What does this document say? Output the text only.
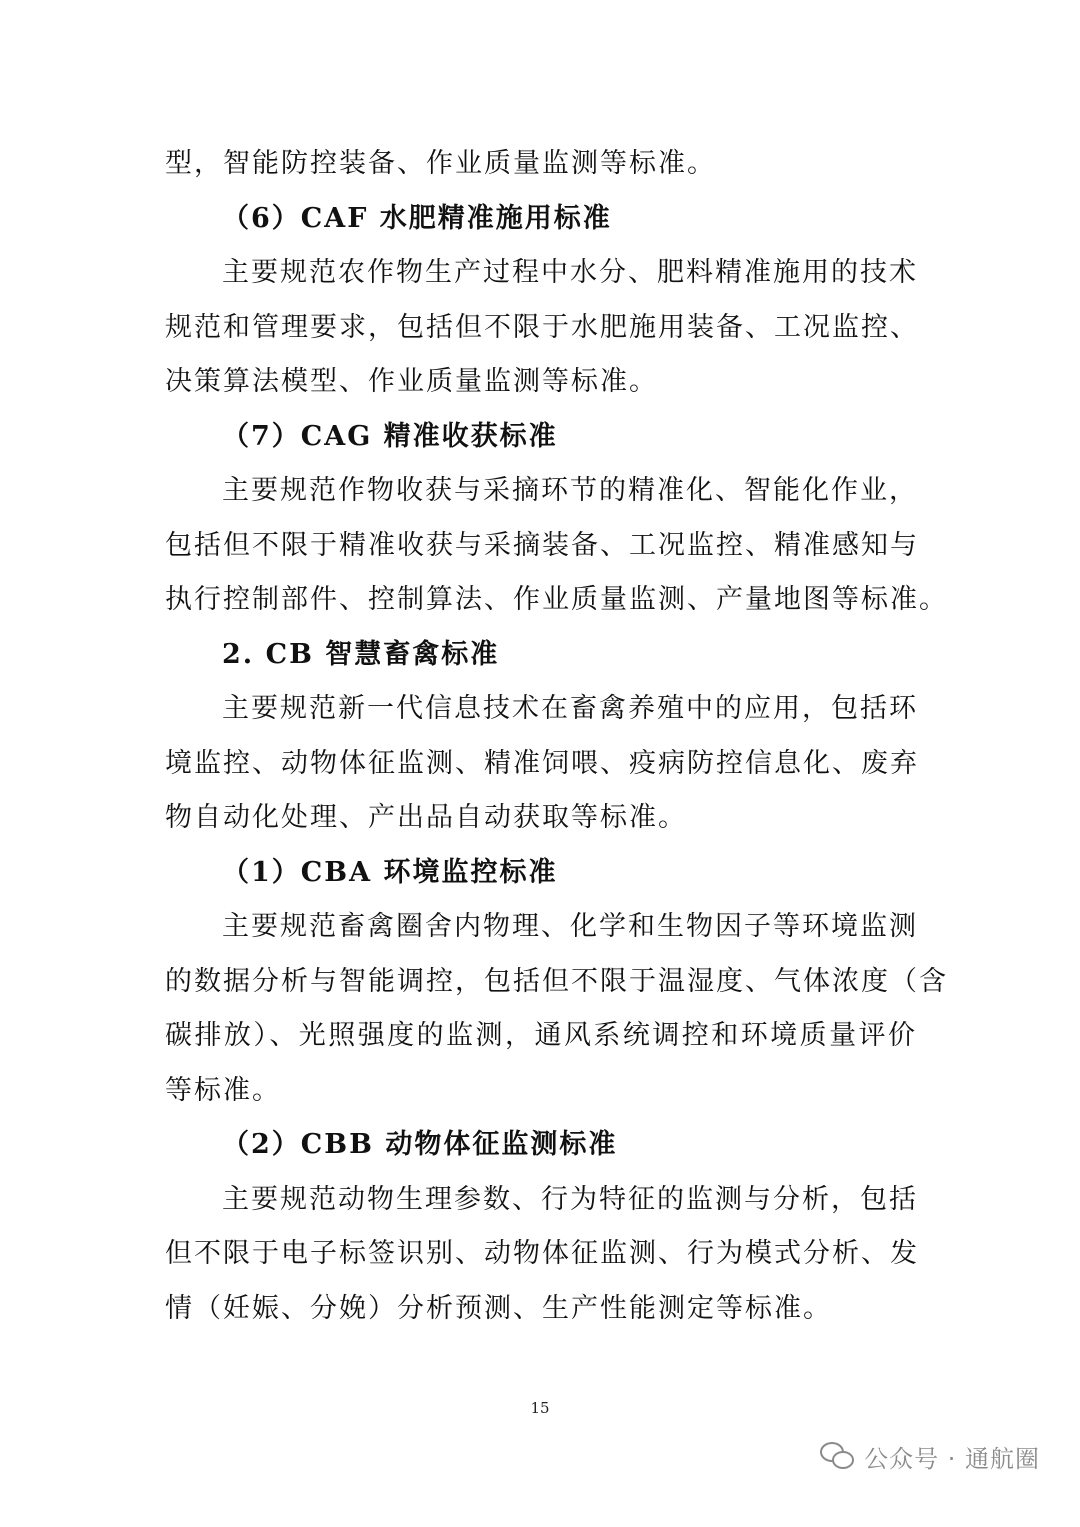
型，智能防控装备、作业质量监测等标准。
（6）CAF 水肥精准施用标准
主要规范农作物生产过程中水分、肥料精准施用的技术
规范和管理要求，包括但不限于水肥施用装备、工况监控、
决策算法模型、作业质量监测等标准。
（7）CAG 精准收获标准
主要规范作物收获与采摘环节的精准化、智能化作业，
包括但不限于精准收获与采摘装备、工况监控、精准感知与
执行控制部件、控制算法、作业质量监测、产量地图等标准。
2. CB 智慧畜禽标准
主要规范新一代信息技术在畜禽养殖中的应用，包括环
境监控、动物体征监测、精准饲喂、疫病防控信息化、废弃
物自动化处理、产出品自动获取等标准。
（1）CBA 环境监控标准
主要规范畜禽圈舍内物理、化学和生物因子等环境监测
的数据分析与智能调控，包括但不限于温湿度、气体浓度（含
碳排放）、光照强度的监测，通风系统调控和环境质量评价
等标准。
（2）CBB 动物体征监测标准
主要规范动物生理参数、行为特征的监测与分析，包括
但不限于电子标签识别、动物体征监测、行为模式分析、发
情（妊娠、分娩）分析预测、生产性能测定等标准。
15
公众号 · 通航圈
